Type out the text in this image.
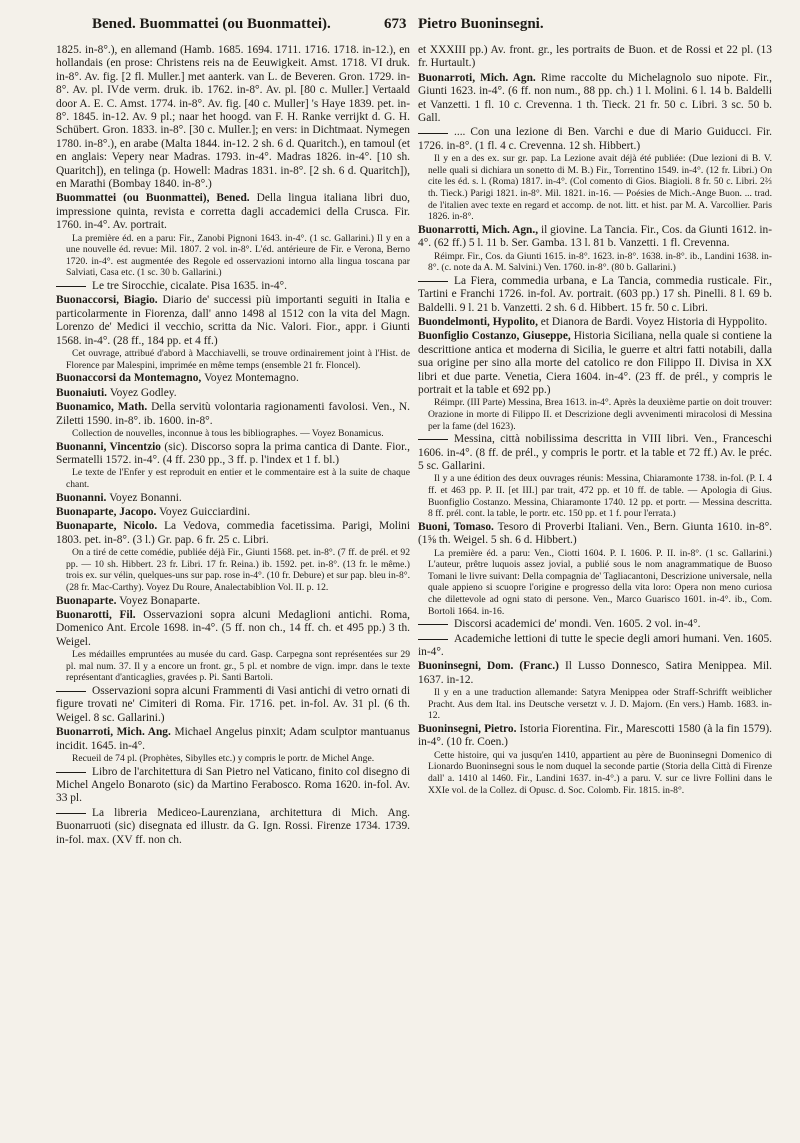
Bened. Buommattei (ou Buonmattei).	673 Pietro Buoninsegni.
1825. in-8°.), en allemand (Hamb. 1685. 1694. 1711. 1716. 1718. in-12.), en hollandais (en prose: Christens reis na de Eeuwigkeit. Amst. 1718. VI druk. in-8°. Av. fig. [2 fl. Muller.] met aanterk. van L. de Beveren. Gron. 1729. in-8°. Av. pl. IVde verm. druk. ib. 1762. in-8°. Av. pl. [80 c. Muller.] Vertaald door A. E. C. Amst. 1774. in-8°. Av. fig. [40 c. Muller] 's Haye 1839. pet. in-8°. 1845. in-12. Av. 9 pl.; naar het hoogd. van F. H. Ranke verrijkt d. G. H. Schübert. Gron. 1833. in-8°. [30 c. Muller.]; en vers: in Dichtmaat. Nymegen 1780. in-8°.), en arabe (Malta 1844. in-12. 2 sh. 6 d. Quaritch.), en tamoul (et en anglais: Vepery near Madras. 1793. in-4°. Madras 1826. in-4°. [10 sh. Quaritch]), en telinga (p. Howell: Madras 1831. in-8°. [2 sh. 6 d. Quaritch]), en Marathi (Bombay 1840. in-8°.)
Buommattei (ou Buonmattei), Bened. Della lingua italiana libri duo, impressione quinta, revista e corretta dagli accademici della Crusca. Fir. 1760. in-4°. Av. portrait.
La première éd. en a paru: Fir., Zanobi Pignoni 1643. in-4°. (1 sc. Gallarini.) Il y en a une nouvelle éd. revue: Mil. 1807. 2 vol. in-8°. L'éd. antérieure de Fir. e Verona, Berno 1720. in-4°. est augmentée des Regole ed osservazioni intorno alla lingua toscana par Salviati, Casa etc. (1 sc. 30 b. Gallarini.)
Le tre Sirocchie, cicalate. Pisa 1635. in-4°.
Buonaccorsi, Biagio. Diario de' successi più importanti seguiti in Italia e particolarmente in Fiorenza, dall' anno 1498 al 1512 con la vita del Magn. Lorenzo de' Medici il vecchio, scritta da Nic. Valori. Fior., appr. i Giunti 1568. in-4°. (28 ff., 184 pp. et 4 ff.)
Cet ouvrage, attribué d'abord à Macchiavelli, se trouve ordinairement joint à l'Hist. de Florence par Malespini, imprimée en même temps (ensemble 21 fr. Floncel).
Buonaccorsi da Montemagno, Voyez Montemagno.
Buonaiuti. Voyez Godley.
Buonamico, Math. Della servitù volontaria ragionamenti favolosi. Ven., N. Ziletti 1590. in-8°. ib. 1600. in-8°.
Collection de nouvelles, inconnue à tous les bibliographes. — Voyez Bonamicus.
Buonanni, Vincentzio (sic). Discorso sopra la prima cantica di Dante. Fior., Sermatelli 1572. in-4°. (4 ff. 230 pp., 3 ff. p. l'index et 1 f. bl.)
Le texte de l'Enfer y est reproduit en entier et le commentaire est à la suite de chaque chant.
Buonanni. Voyez Bonanni.
Buonaparte, Jacopo. Voyez Guicciardini.
Buonaparte, Nicolo. La Vedova, commedia facetissima. Parigi, Molini 1803. pet. in-8°. (3 l.) Gr. pap. 6 fr. 25 c. Libri.
On a tiré de cette comédie, publiée déjà Fir., Giunti 1568. pet. in-8°. (7 ff. de prél. et 92 pp. — 10 sh. Hibbert. 23 fr. Libri. 17 fr. Reina.) ib. 1592. pet. in-8°. (13 fr. le même.) trois ex. sur vélin, quelques-uns sur pap. rose in-4°. (10 fr. Debure) et sur pap. bleu in-8°. (28 fr. Mac-Carthy). Voyez Du Roure, Analectabiblion Vol. II. p. 12.
Buonaparte. Voyez Bonaparte.
Buonarotti, Fil. Osservazioni sopra alcuni Medaglioni antichi. Roma, Domenico Ant. Ercole 1698. in-4°. (5 ff. non ch., 14 ff. ch. et 495 pp.) 3 th. Weigel.
Les médailles empruntées au musée du card. Gasp. Carpegna sont représentées sur 29 pl. mal num. 37. Il y a encore un front. gr., 5 pl. et nombre de vign. impr. dans le texte représentant d'anticaglies, gravées p. Pi. Santi Bartoli.
Osservazioni sopra alcuni Frammenti di Vasi antichi di vetro ornati di figure trovati ne' Cimiteri di Roma. Fir. 1716. pet. in-fol. Av. 31 pl. (6 th. Weigel. 8 sc. Gallarini.)
Buonarroti, Mich. Ang. Michael Angelus pinxit; Adam sculptor mantuanus incidit. 1645. in-4°.
Recueil de 74 pl. (Prophètes, Sibylles etc.) y compris le portr. de Michel Ange.
Libro de l'architettura di San Pietro nel Vaticano, finito col disegno di Michel Angelo Bonaroto (sic) da Martino Ferabosco. Roma 1620. in-fol. Av. 33 pl.
La libreria Mediceo-Laurenziana, architettura di Mich. Ang. Buonarruoti (sic) disegnata ed illustr. da G. Ign. Rossi. Firenze 1734. 1739. in-fol. max. (XV ff. non ch.
et XXXIII pp.) Av. front. gr., les portraits de Buon. et de Rossi et 22 pl. (13 fr. Hurtault.)
Buonarroti, Mich. Agn. Rime raccolte du Michelagnolo suo nipote. Fir., Giunti 1623. in-4°. (6 ff. non num., 88 pp. ch.) 1 l. Molini. 6 l. 14 b. Baldelli et Vanzetti. 1 fl. 10 c. Crevenna. 1 th. Tieck. 21 fr. 50 c. Libri. 3 sc. 50 b. Gall.
.... Con una lezione di Ben. Varchi e due di Mario Guiducci. Fir. 1726. in-8°. (1 fl. 4 c. Crevenna. 12 sh. Hibbert.)
Il y en a des ex. sur gr. pap. La Lezione avait déjà été publiée: (Due lezioni di B. V. nelle quali si dichiara un sonetto di M. B.) Fir., Torrentino 1549. in-4°. (12 fr. Libri.) On cite les éd. s. l. (Roma) 1817. in-4°. (Col comento di Gios. Biagioli. 8 fr. 50 c. Libri. 2⅔ th. Tieck.) Parigi 1821. in-8°. Mil. 1821. in-16. — Poésies de Mich.-Ange Buon. ... trad. de l'italien avec texte en regard et accomp. de not. litt. et hist. par M. A. Varcollier. Paris 1826. in-8°.
Buonarrotti, Mich. Agn., il giovine. La Tancia. Fir., Cos. da Giunti 1612. in-4°. (62 ff.) 5 l. 11 b. Ser. Gamba. 13 l. 81 b. Vanzetti. 1 fl. Crevenna.
Réimpr. Fir., Cos. da Giunti 1615. in-8°. 1623. in-8°. 1638. in-8°. ib., Landini 1638. in-8°. (c. note da A. M. Salvini.) Ven. 1760. in-8°. (80 b. Gallarini.)
La Fiera, commedia urbana, e La Tancia, commedia rusticale. Fir., Tartini e Franchi 1726. in-fol. Av. portrait. (603 pp.) 17 sh. Pinelli. 8 l. 69 b. Baldelli. 9 l. 21 b. Vanzetti. 2 sh. 6 d. Hibbert. 15 fr. 50 c. Libri.
Buondelmonti, Hypolito, et Dianora de Bardi. Voyez Historia di Hyppolito.
Buonfiglio Costanzo, Giuseppe, Historia Siciliana, nella quale si contiene la descrittione antica et moderna di Sicilia, le guerre et altri fatti notabili, dalla sua origine per sino alla morte del catolico re don Filippo II. Divisa in XX libri et due parte. Venetia, Ciera 1604. in-4°. (23 ff. de prél., y compris le portrait et la table et 692 pp.)
Réimpr. (III Parte) Messina, Brea 1613. in-4°. Après la deuxième partie on doit trouver: Orazione in morte di Filippo II. et Descrizione degli avvenimenti miracolosi di Messina per la fame (del 1623).
Messina, città nobilissima descritta in VIII libri. Ven., Franceschi 1606. in-4°. (8 ff. de prél., y compris le portr. et la table et 72 ff.) Av. le préc. 5 sc. Gallarini.
Il y a une édition des deux ouvrages réunis: Messina, Chiaramonte 1738. in-fol. (P. I. 4 ff. et 463 pp. P. II. [et III.] par trait, 472 pp. et 10 ff. de table. — Apologia di Gius. Buonfiglio Costanzo. Messina, Chiaramonte 1740. 12 pp. et portr. — Messina descritta. 8 ff. prél. cont. la table, le portr. etc. 150 pp. et 1 f. pour l'errata.)
Buoni, Tomaso. Tesoro di Proverbi Italiani. Ven., Bern. Giunta 1610. in-8°. (1⅝ th. Weigel. 5 sh. 6 d. Hibbert.)
La première éd. a paru: Ven., Ciotti 1604. P. I. 1606. P. II. in-8°. (1 sc. Gallarini.) L'auteur, prêtre luquois assez jovial, a publié sous le nom anagrammatique de Buoso Tomani le livre suivant: Della compagnia de' Tagliacantoni, Descrizione universale, nella quale appieno si scuopre l'origine e progresso della vita loro: Opera non meno curiosa che dilettevole ad ogni stato di persone. Ven., Marco Guarisco 1601. in-4°. ib., Com. Bortoli 1664. in-16.
Discorsi academici de' mondi. Ven. 1605. 2 vol. in-4°.
Academiche lettioni di tutte le specie degli amori humani. Ven. 1605. in-4°.
Buoninsegni, Dom. (Franc.) Il Lusso Donnesco, Satira Menippea. Mil. 1637. in-12.
Il y en a une traduction allemande: Satyra Menippea oder Straff-Schrifft weiblicher Pracht. Aus dem Ital. ins Deutsche versetzt v. J. D. Majorn. (En vers.) Hamb. 1683. in-12.
Buoninsegni, Pietro. Istoria Fiorentina. Fir., Marescotti 1580 (à la fin 1579). in-4°. (10 fr. Coen.)
Cette histoire, qui va jusqu'en 1410, appartient au père de Buoninsegni Domenico di Lionardo Buoninsegni sous le nom duquel la seconde partie (Storia della Città di Firenze dall' a. 1410 al 1460. Fir., Landini 1637. in-4°.) a paru. V. sur ce livre Follini dans le XXIe vol. de la Collez. di Opusc. d. Soc. Colomb. Fir. 1815. in-8°.
